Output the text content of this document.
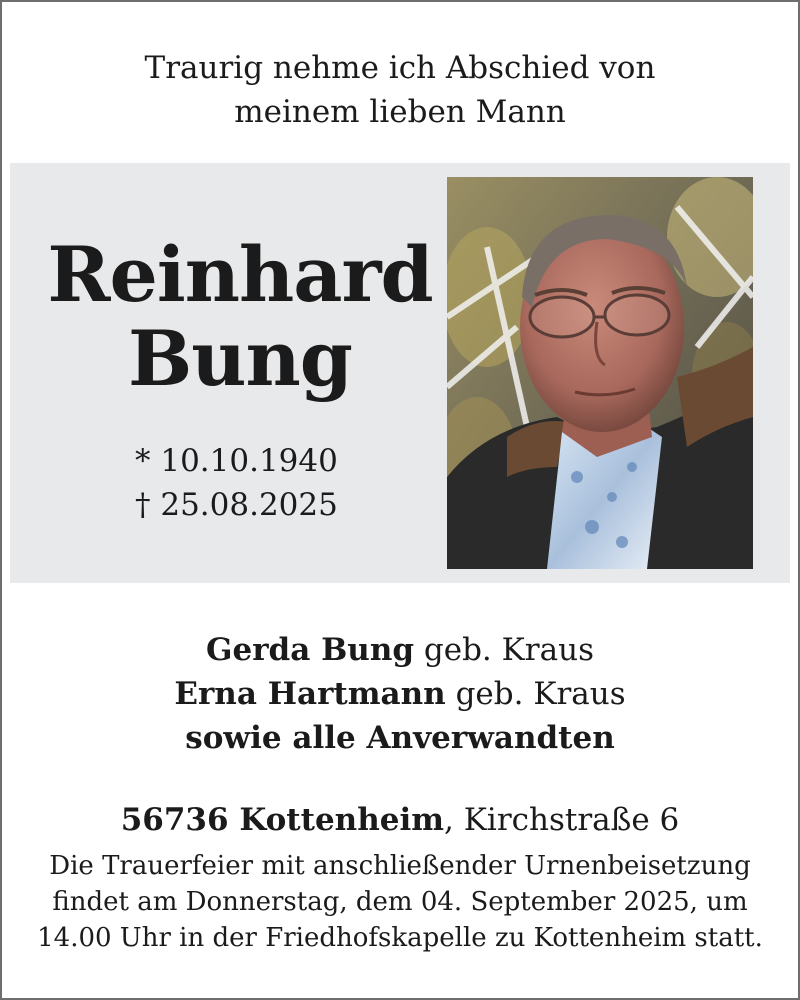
Traurig nehme ich Abschied von
meinem lieben Mann
Reinhard
Bung
* 10.10.1940
† 25.08.2025
Gerda Bung geb. Kraus
Erna Hartmann geb. Kraus
sowie alle Anverwandten
56736 Kottenheim, Kirchstraße 6
Die Trauerfeier mit anschließender Urnenbeisetzung
findet am Donnerstag, dem 04. September 2025, um
14.00 Uhr in der Friedhofskapelle zu Kottenheim statt.
